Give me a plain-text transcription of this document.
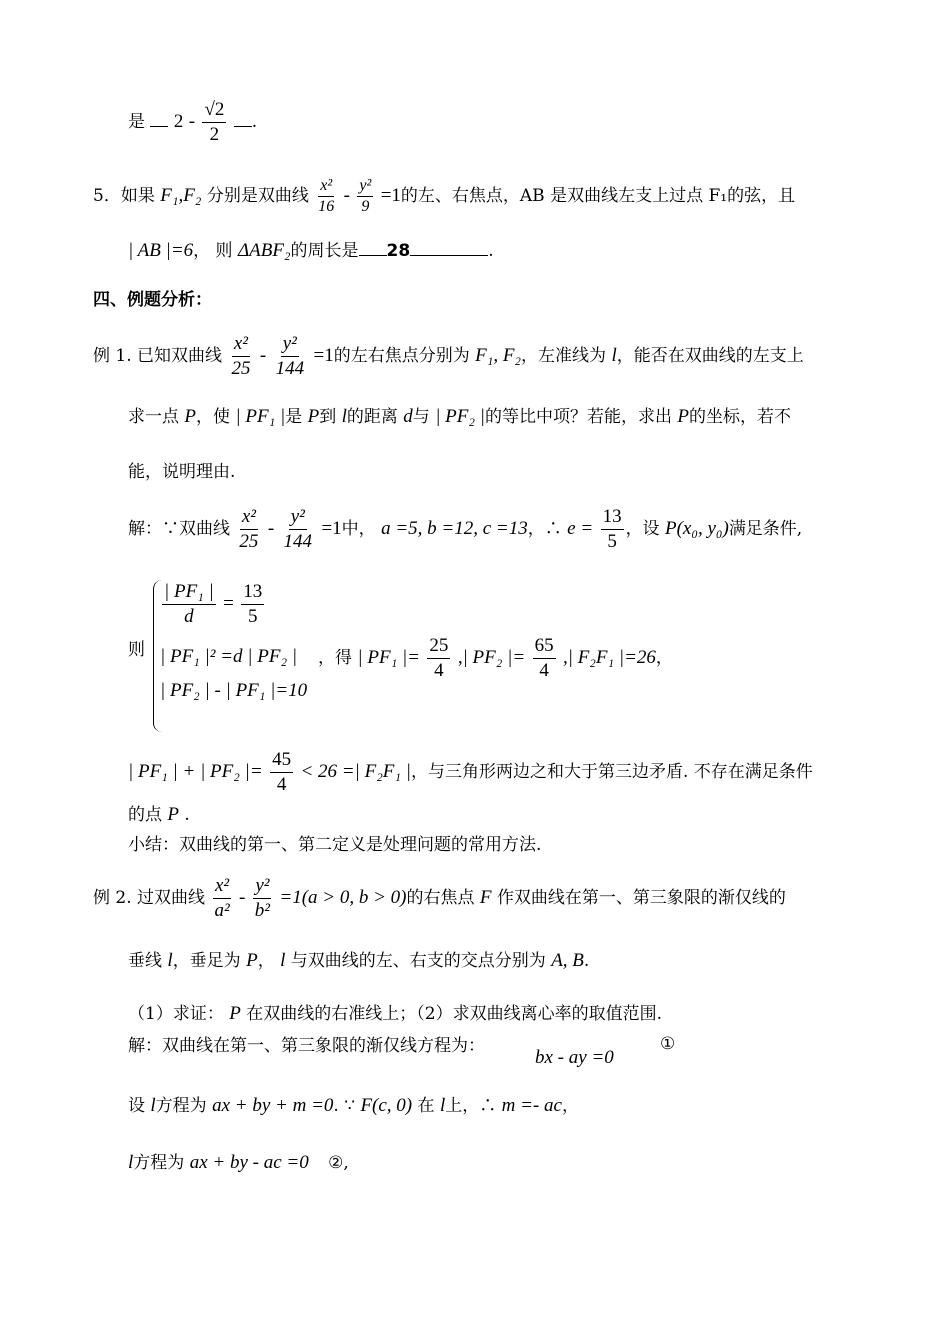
是 $2 - \frac{√2}{2}$ .
5．如果 F₁,F₂ 分别是双曲线 $\frac{\text{x²}}{16} - \frac{\text{y²}}{9} =1$的左、右焦点，AB 是双曲线左支上过点 F₁的弦，且
| AB |=6， 则 ΔABF₂的周长是 28	.
四、例题分析：
例 1. 已知双曲线 $\frac{\text{x²}}{25} - \frac{\text{y²}}{144} =1$的左右焦点分别为 F₁, F₂，左准线为 l，能否在双曲线的左支上
求一点 P，使 | PF₁ |是 P到 l的距离 d与 | PF₂ |的等比中项？若能，求出 P的坐标，若不
能，说明理由.
解：∵双曲线 $\frac{\text{x²}}{25} - \frac{\text{y²}}{144} =1$中， a =5, b =12, c =13，∴ $e = \frac{13}{5}$ ，设 P(x₀, y₀)满足条件,
则
$\frac{\text{| PF₁ |}}{d} = \frac{13}{5}$
| PF₁ |² =d | PF₂ |
| PF₂ | - | PF₁ |=10
，得 | PF₁ |= $\frac{25}{4}$ ,| PF₂ |= $\frac{65}{4}$ ,| F₂F₁ |=26，
| PF₁ | + | PF₂ |= $\frac{45}{4} < 26$ =| F₂F₁ |，与三角形两边之和大于第三边矛盾. 不存在满足条件
的点 P .
小结：双曲线的第一、第二定义是处理问题的常用方法.
例 2. 过双曲线 $\frac{\text{x²}}{\text{a²}} - \frac{\text{y²}}{\text{b²}} =1(a > 0$, b > 0)的右焦点 F 作双曲线在第一、第三象限的渐仅线的
垂线 l，垂足为 P， l 与双曲线的左、右支的交点分别为 A, B.
（1）求证： P 在双曲线的右准线上；（2）求双曲线离心率的取值范围.
解：双曲线在第一、第三象限的渐仅线方程为：
bx - ay =0
①
设 l方程为 ax + by + m =0. ∵ F(c, 0) 在 l上，∴ m =- ac，
l方程为 ax + by - ac =0 ②,
